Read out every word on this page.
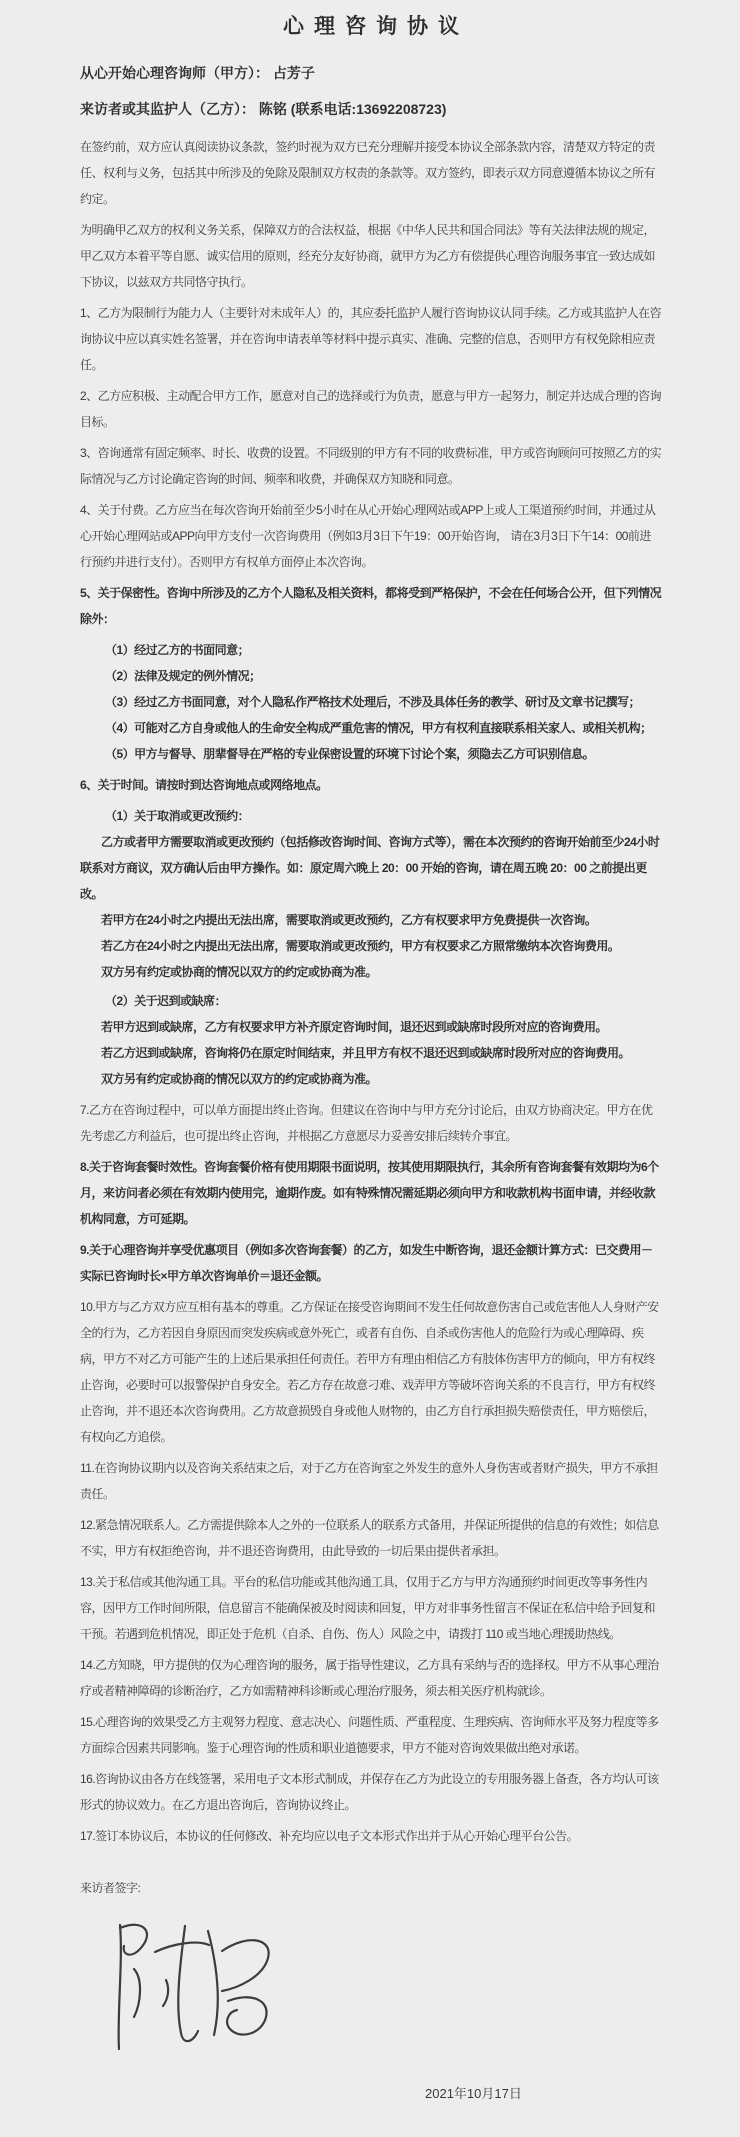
心理咨询协议

从心开始心理咨询师（甲方）： 占芳子

来访者或其监护人（乙方）： 陈铭 (联系电话:13692208723)

在签约前，双方应认真阅读协议条款，签约时视为双方已充分理解并接受本协议全部条款内容，清楚双方特定的责任、权利与义务，包括其中所涉及的免除及限制双方权责的条款等。双方签约，即表示双方同意遵循本协议之所有约定。

为明确甲乙双方的权利义务关系，保障双方的合法权益，根据《中华人民共和国合同法》等有关法律法规的规定，甲乙双方本着平等自愿、诚实信用的原则，经充分友好协商，就甲方为乙方有偿提供心理咨询服务事宜一致达成如下协议，以兹双方共同恪守执行。

1、乙方为限制行为能力人（主要针对未成年人）的，其应委托监护人履行咨询协议认同手续。乙方或其监护人在咨询协议中应以真实姓名签署，并在咨询申请表单等材料中提示真实、准确、完整的信息，否则甲方有权免除相应责任。

2、乙方应积极、主动配合甲方工作，愿意对自己的选择或行为负责，愿意与甲方一起努力，制定并达成合理的咨询目标。

3、咨询通常有固定频率、时长、收费的设置。不同级别的甲方有不同的收费标准，甲方或咨询顾问可按照乙方的实际情况与乙方讨论确定咨询的时间、频率和收费，并确保双方知晓和同意。

4、关于付费。乙方应当在每次咨询开始前至少5小时在从心开始心理网站或APP上或人工渠道预约时间，并通过从心开始心理网站或APP向甲方支付一次咨询费用（例如3月3日下午19：00开始咨询， 请在3月3日下午14：00前进行预约并进行支付）。否则甲方有权单方面停止本次咨询。

5、关于保密性。咨询中所涉及的乙方个人隐私及相关资料，都将受到严格保护，不会在任何场合公开，但下列情况除外：

（1）经过乙方的书面同意；

（2）法律及规定的例外情况；

（3）经过乙方书面同意，对个人隐私作严格技术处理后，不涉及具体任务的教学、研讨及文章书记撰写；

（4）可能对乙方自身或他人的生命安全构成严重危害的情况，甲方有权利直接联系相关家人、或相关机构；

（5）甲方与督导、朋辈督导在严格的专业保密设置的环境下讨论个案，须隐去乙方可识别信息。

6、关于时间。请按时到达咨询地点或网络地点。

（1）关于取消或更改预约：

乙方或者甲方需要取消或更改预约（包括修改咨询时间、咨询方式等），需在本次预约的咨询开始前至少24小时联系对方商议，双方确认后由甲方操作。如：原定周六晚上 20：00 开始的咨询，请在周五晚 20：00 之前提出更改。

若甲方在24小时之内提出无法出席，需要取消或更改预约，乙方有权要求甲方免费提供一次咨询。

若乙方在24小时之内提出无法出席，需要取消或更改预约，甲方有权要求乙方照常缴纳本次咨询费用。

双方另有约定或协商的情况以双方的约定或协商为准。

（2）关于迟到或缺席：

若甲方迟到或缺席，乙方有权要求甲方补齐原定咨询时间，退还迟到或缺席时段所对应的咨询费用。

若乙方迟到或缺席，咨询将仍在原定时间结束，并且甲方有权不退还迟到或缺席时段所对应的咨询费用。

双方另有约定或协商的情况以双方的约定或协商为准。

7.乙方在咨询过程中，可以单方面提出终止咨询。但建议在咨询中与甲方充分讨论后，由双方协商决定。甲方在优先考虑乙方利益后，也可提出终止咨询，并根据乙方意愿尽力妥善安排后续转介事宜。

8.关于咨询套餐时效性。咨询套餐价格有使用期限书面说明，按其使用期限执行，其余所有咨询套餐有效期均为6个月，来访问者必须在有效期内使用完，逾期作废。如有特殊情况需延期必须向甲方和收款机构书面申请，并经收款机构同意，方可延期。

9.关于心理咨询并享受优惠项目（例如多次咨询套餐）的乙方，如发生中断咨询，退还金额计算方式：已交费用－实际已咨询时长×甲方单次咨询单价＝退还金额。

10.甲方与乙方双方应互相有基本的尊重。乙方保证在接受咨询期间不发生任何故意伤害自己或危害他人人身财产安全的行为，乙方若因自身原因而突发疾病或意外死亡，或者有自伤、自杀或伤害他人的危险行为或心理障碍、疾病，甲方不对乙方可能产生的上述后果承担任何责任。若甲方有理由相信乙方有肢体伤害甲方的倾向，甲方有权终止咨询，必要时可以报警保护自身安全。若乙方存在故意刁难、戏弄甲方等破坏咨询关系的不良言行，甲方有权终止咨询，并不退还本次咨询费用。乙方故意损毁自身或他人财物的，由乙方自行承担损失赔偿责任，甲方赔偿后，有权向乙方追偿。

11.在咨询协议期内以及咨询关系结束之后，对于乙方在咨询室之外发生的意外人身伤害或者财产损失，甲方不承担责任。

12.紧急情况联系人。乙方需提供除本人之外的一位联系人的联系方式备用，并保证所提供的信息的有效性；如信息不实，甲方有权拒绝咨询，并不退还咨询费用，由此导致的一切后果由提供者承担。

13.关于私信或其他沟通工具。平台的私信功能或其他沟通工具，仅用于乙方与甲方沟通预约时间更改等事务性内容，因甲方工作时间所限，信息留言不能确保被及时阅读和回复，甲方对非事务性留言不保证在私信中给予回复和干预。若遇到危机情况，即正处于危机（自杀、自伤、伤人）风险之中，请拨打 110 或当地心理援助热线。

14.乙方知晓，甲方提供的仅为心理咨询的服务，属于指导性建议，乙方具有采纳与否的选择权。甲方不从事心理治疗或者精神障碍的诊断治疗，乙方如需精神科诊断或心理治疗服务，须去相关医疗机构就诊。

15.心理咨询的效果受乙方主观努力程度、意志决心、问题性质、严重程度、生理疾病、咨询师水平及努力程度等多方面综合因素共同影响。鉴于心理咨询的性质和职业道德要求，甲方不能对咨询效果做出绝对承诺。

16.咨询协议由各方在线签署，采用电子文本形式制成，并保存在乙方为此设立的专用服务器上备查，各方均认可该形式的协议效力。在乙方退出咨询后，咨询协议终止。

17.签订本协议后，本协议的任何修改、补充均应以电子文本形式作出并于从心开始心理平台公告。

来访者签字:

2021年10月17日
